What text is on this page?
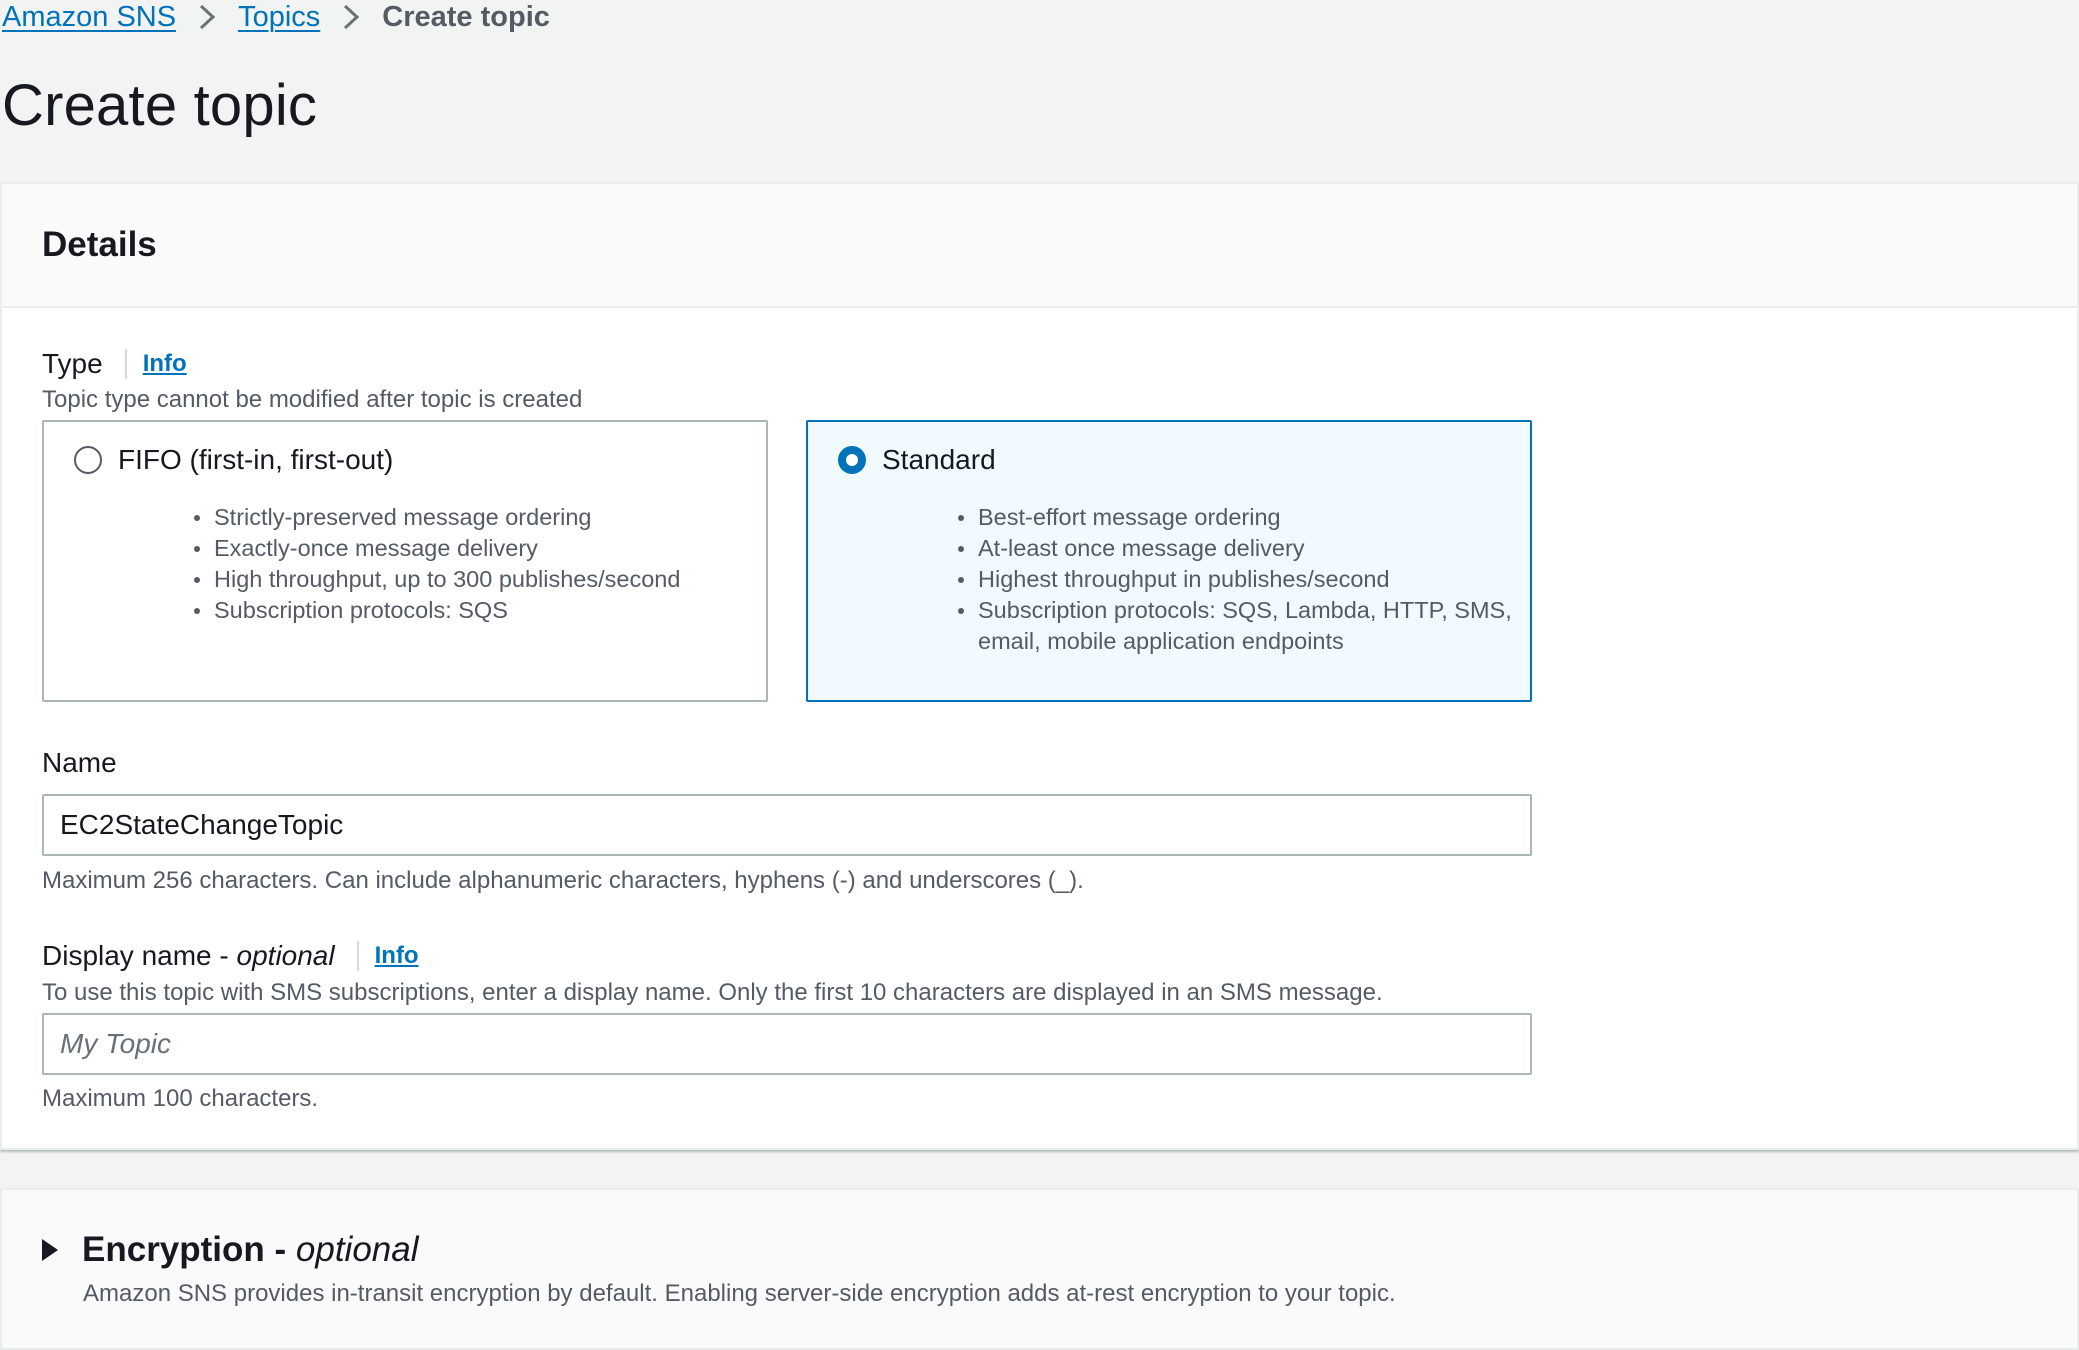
Amazon SNS Topics Create topic
Create topic
Details
Type Info
Topic type cannot be modified after topic is created
FIFO (first-in, first-out)
Strictly-preserved message ordering
Exactly-once message delivery
High throughput, up to 300 publishes/second
Subscription protocols: SQS
Standard
Best-effort message ordering
At-least once message delivery
Highest throughput in publishes/second
Subscription protocols: SQS, Lambda, HTTP, SMS, email, mobile application endpoints
Name
EC2StateChangeTopic
Maximum 256 characters. Can include alphanumeric characters, hyphens (-) and underscores (_).
Display name - optional Info
To use this topic with SMS subscriptions, enter a display name. Only the first 10 characters are displayed in an SMS message.
My Topic
Maximum 100 characters.
Encryption - optional
Amazon SNS provides in-transit encryption by default. Enabling server-side encryption adds at-rest encryption to your topic.
